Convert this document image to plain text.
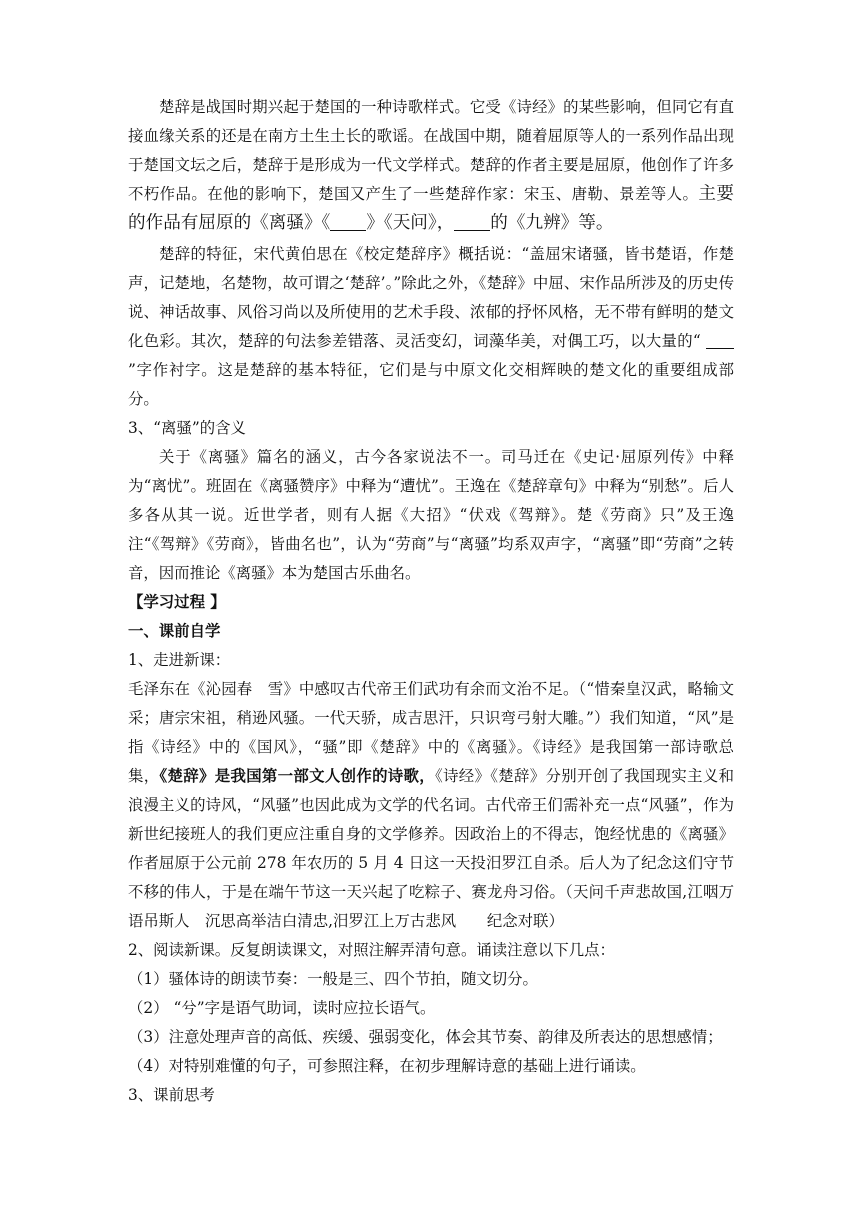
楚辞是战国时期兴起于楚国的一种诗歌样式。它受《诗经》的某些影响，但同它有直接血缘关系的还是在南方土生土长的歌谣。在战国中期，随着屈原等人的一系列作品出现于楚国文坛之后，楚辞于是形成为一代文学样式。楚辞的作者主要是屈原，他创作了许多不朽作品。在他的影响下，楚国又产生了一些楚辞作家：宋玉、唐勒、景差等人。主要的作品有屈原的《离骚》《 》《天问》， 的《九辨》等。

楚辞的特征，宋代黄伯思在《校定楚辞序》概括说：“盖屈宋诸骚，皆书楚语，作楚声，记楚地，名楚物，故可谓之‘楚辞’。”除此之外，《楚辞》中屈、宋作品所涉及的历史传说、神话故事、风俗习尚以及所使用的艺术手段、浓郁的抒怀风格，无不带有鲜明的楚文化色彩。其次，楚辞的句法参差错落、灵活变幻，词藻华美，对偶工巧，以大量的“ ”字作衬字。这是楚辞的基本特征，它们是与中原文化交相辉映的楚文化的重要组成部分。

3、“离骚”的含义

关于《离骚》篇名的涵义，古今各家说法不一。司马迁在《史记·屈原列传》中释为“离忧”。班固在《离骚赞序》中释为“遭忧”。王逸在《楚辞章句》中释为“别愁”。后人多各从其一说。近世学者，则有人据《大招》“伏戏《驾辩》。楚《劳商》只”及王逸注“《驾辩》《劳商》，皆曲名也”，认为“劳商”与“离骚”均系双声字，“离骚”即“劳商”之转音，因而推论《离骚》本为楚国古乐曲名。

【学习过程 】

一、课前自学

1、走进新课：

毛泽东在《沁园春　雪》中感叹古代帝王们武功有余而文治不足。（“惜秦皇汉武，略输文采；唐宗宋祖，稍逊风骚。一代天骄，成吉思汗，只识弯弓射大雕。”）我们知道，“风”是指《诗经》中的《国风》，“骚”即《楚辞》中的《离骚》。《诗经》是我国第一部诗歌总集，《楚辞》是我国第一部文人创作的诗歌，《诗经》《楚辞》分别开创了我国现实主义和浪漫主义的诗风，“风骚”也因此成为文学的代名词。古代帝王们需补充一点“风骚”，作为新世纪接班人的我们更应注重自身的文学修养。因政治上的不得志，饱经忧患的《离骚》作者屈原于公元前 278 年农历的 5 月 4 日这一天投汨罗江自杀。后人为了纪念这们守节不移的伟人，于是在端午节这一天兴起了吃粽子、赛龙舟习俗。（天问千声悲故国,江咽万语吊斯人　沉思高举洁白清忠,汨罗江上万古悲风　　纪念对联）

2、阅读新课。反复朗读课文，对照注解弄清句意。诵读注意以下几点：

（1）骚体诗的朗读节奏：一般是三、四个节拍，随文切分。

（2） “兮”字是语气助词，读时应拉长语气。

（3）注意处理声音的高低、疾缓、强弱变化，体会其节奏、韵律及所表达的思想感情；

（4）对特别难懂的句子，可参照注释，在初步理解诗意的基础上进行诵读。

3、课前思考
